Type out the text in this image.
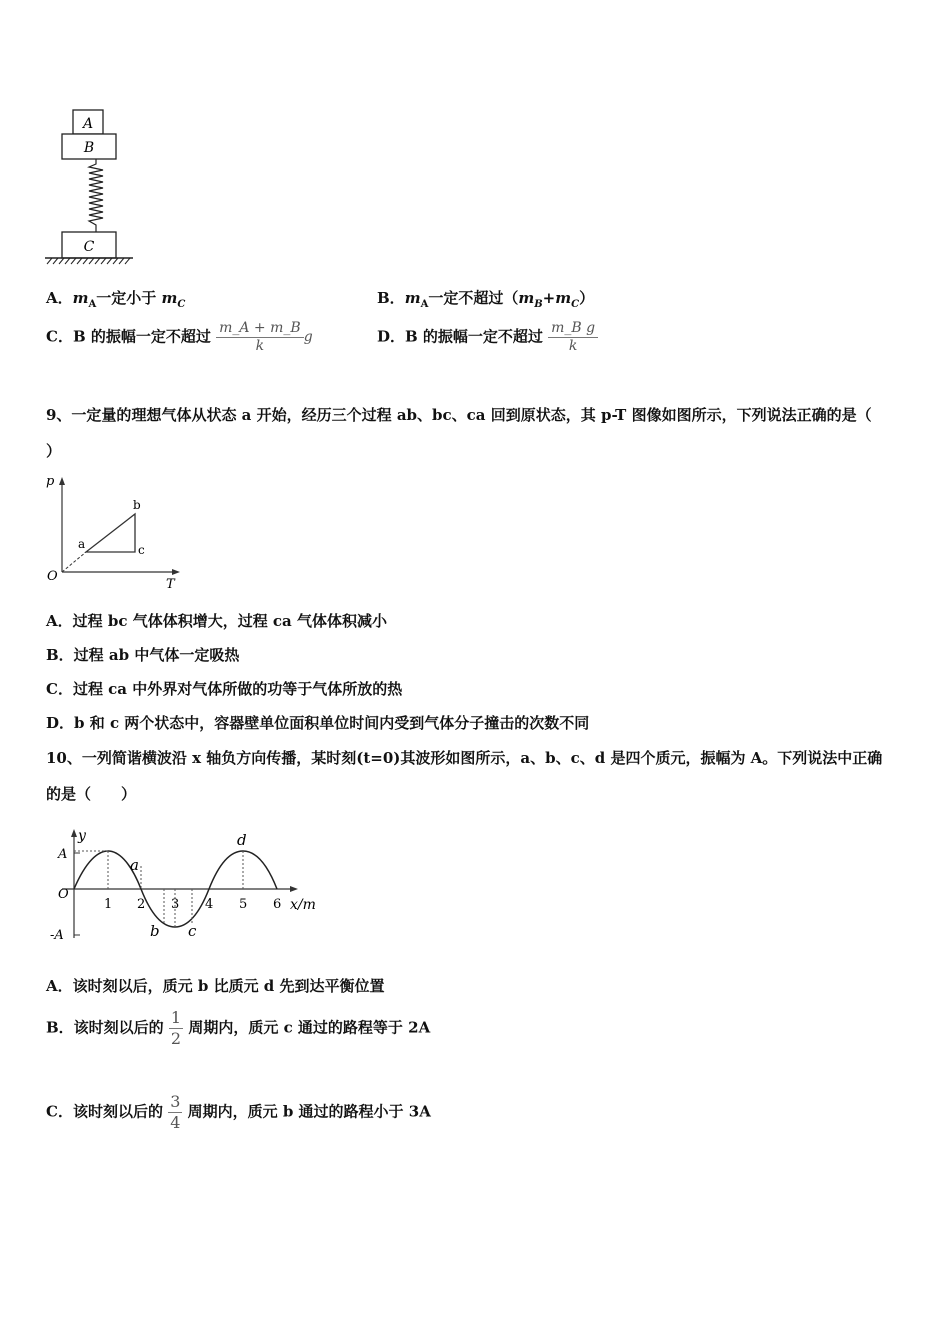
A
B
C
A．$m_A$一定小于 $m_C$	B．$m_A$一定不超过$(m_B+m_C)$
C．B 的振幅一定不超过 $\frac{m\_A + m\_B}{k}$ g	D．B 的振幅一定不超过 $\frac{\text{m\_B g}}{k}$
9、一定量的理想气体从状态 a 开始，经历三个过程 ab、bc、ca 回到原状态，其 p-T 图像如图所示，下列说法正确的是（
）
p
T
O
a
b
c
A．过程 bc 气体体积增大，过程 ca 气体体积减小
B．过程 ab 中气体一定吸热
C．过程 ca 中外界对气体所做的功等于气体所放的热
D．b 和 c 两个状态中，容器壁单位面积单位时间内受到气体分子撞击的次数不同
10、一列简谐横波沿 x 轴负方向传播，某时刻(t=0)其波形如图所示，a、b、c、d 是四个质元，振幅为 A。下列说法中正确
的是（　　）
y
A
-A
O
x/m
1 2 3 4 5 6
a
b c
d
A．该时刻以后，质元 b 比质元 d 先到达平衡位置
B．该时刻以后的 $\frac{1}{2}$ 周期内，质元 c 通过的路程等于 2A
C．该时刻以后的 $\frac{3}{4}$ 周期内，质元 b 通过的路程小于 3A
